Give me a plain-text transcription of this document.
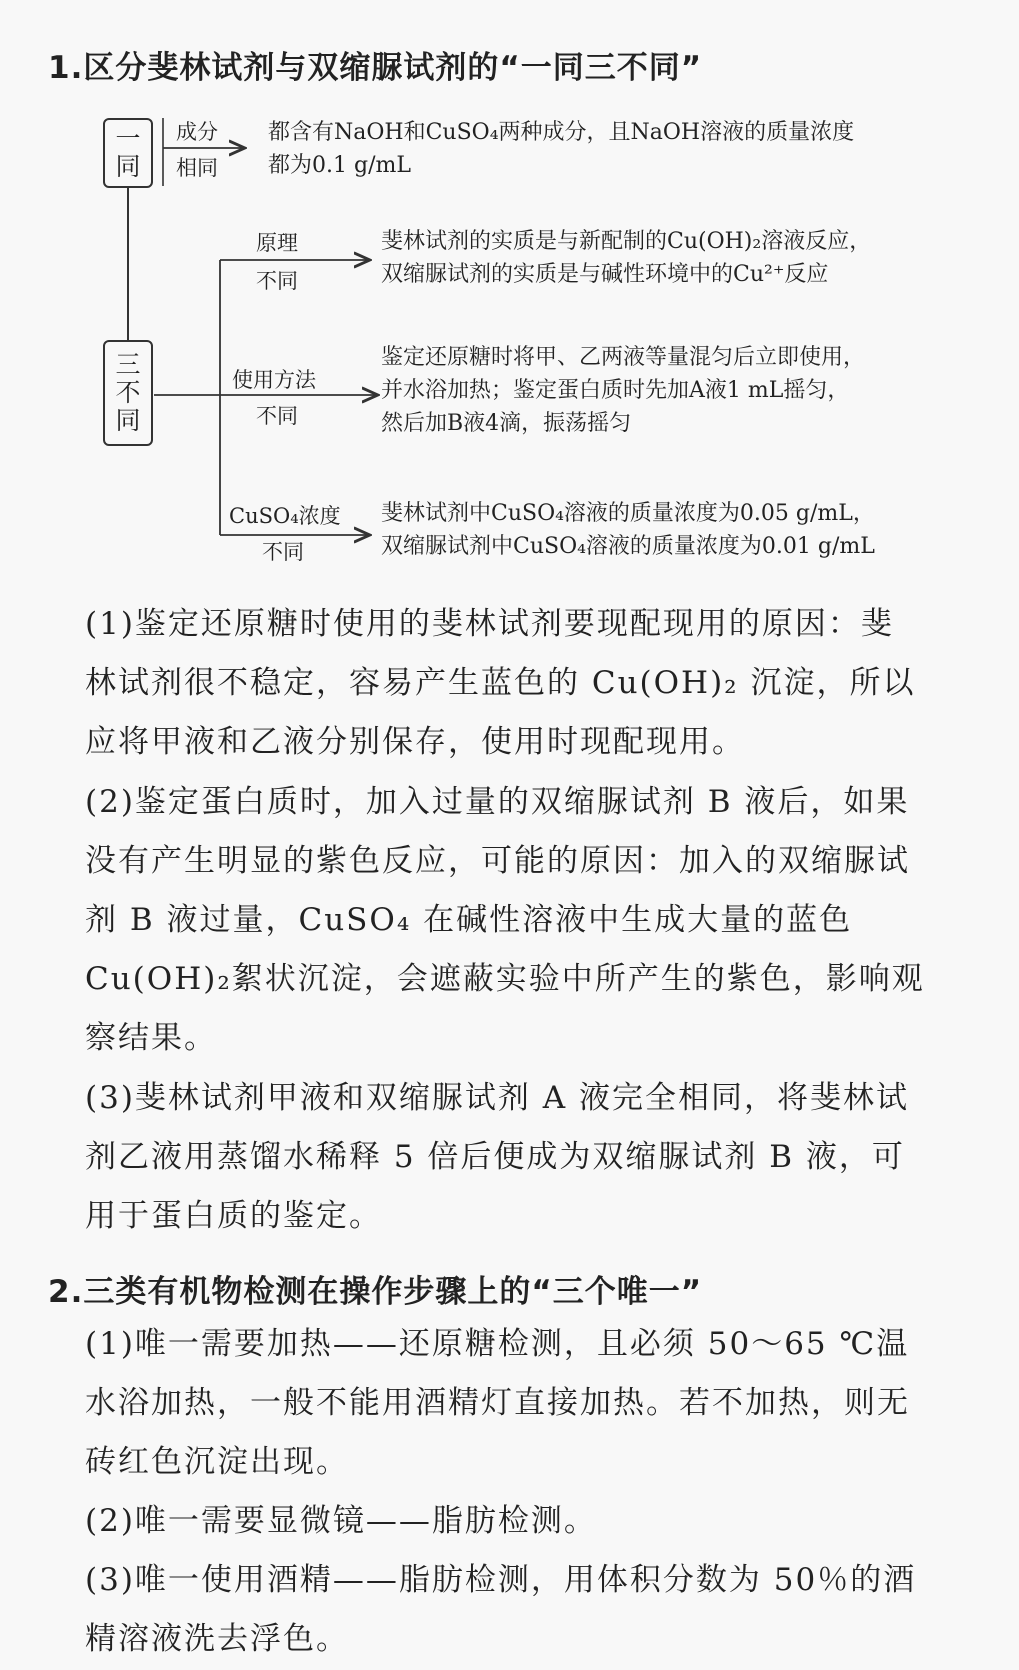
1.区分斐林试剂与双缩脲试剂的“一同三不同”
一
同
三
不
同
成分
相同
都含有NaOH和CuSO₄两种成分，且NaOH溶液的质量浓度
都为0.1 g/mL
原理
不同
斐林试剂的实质是与新配制的Cu(OH)₂溶液反应，
双缩脲试剂的实质是与碱性环境中的Cu²⁺反应
使用方法
不同
鉴定还原糖时将甲、乙两液等量混匀后立即使用，
并水浴加热；鉴定蛋白质时先加A液1 mL摇匀，
然后加B液4滴，振荡摇匀
CuSO₄浓度
不同
斐林试剂中CuSO₄溶液的质量浓度为0.05 g/mL，
双缩脲试剂中CuSO₄溶液的质量浓度为0.01 g/mL
(1)鉴定还原糖时使用的斐林试剂要现配现用的原因：斐
林试剂很不稳定，容易产生蓝色的 Cu(OH)₂ 沉淀，所以
应将甲液和乙液分别保存，使用时现配现用。
(2)鉴定蛋白质时，加入过量的双缩脲试剂 B 液后，如果
没有产生明显的紫色反应，可能的原因：加入的双缩脲试
剂 B 液过量，CuSO₄ 在碱性溶液中生成大量的蓝色
Cu(OH)₂絮状沉淀，会遮蔽实验中所产生的紫色，影响观
察结果。
(3)斐林试剂甲液和双缩脲试剂 A 液完全相同，将斐林试
剂乙液用蒸馏水稀释 5 倍后便成为双缩脲试剂 B 液，可
用于蛋白质的鉴定。
2.三类有机物检测在操作步骤上的“三个唯一”
(1)唯一需要加热——还原糖检测，且必须 50～65 ℃温
水浴加热，一般不能用酒精灯直接加热。若不加热，则无
砖红色沉淀出现。
(2)唯一需要显微镜——脂肪检测。
(3)唯一使用酒精——脂肪检测，用体积分数为 50％的酒
精溶液洗去浮色。
